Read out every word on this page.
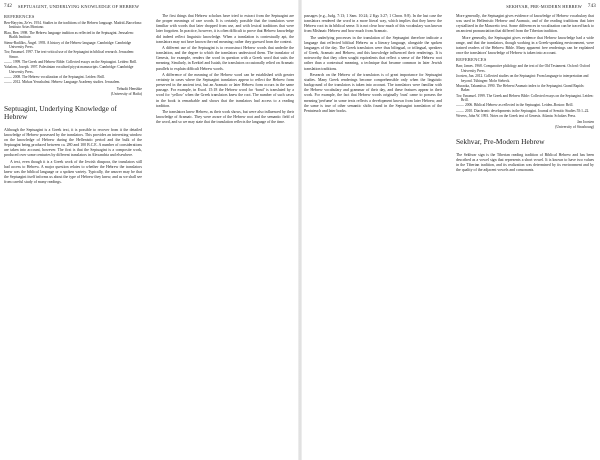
742 SEPTUAGINT, UNDERLYING KNOWLEDGE OF HEBREW
REFERENCES
Ben-Hayyim, Ze'ev. 1954. Studies in the traditions of the Hebrew language. Madrid–Barcelona: Instituto Arias Montano.
Blau, Ben. 1998. The Hebrew language tradition as reflected in the Septuagint. Jerusalem: Bialik Institute.
Sáenz-Badillos, Ángel. 1993. A history of the Hebrew language. Cambridge: Cambridge University Press.
Tov, Emanuel. 1997. The text-critical use of the Septuagint in biblical research. Jerusalem: Simor.
——. 1999. The Greek and Hebrew Bible: Collected essays on the Septuagint. Leiden: Brill.
Yahalom, Joseph. 1997. Palestinian vocalised piyyut manuscripts. Cambridge: Cambridge University Press.
——. 2008. The Hebrew vocalization of the Septuagint. Leiden: Brill.
——. 2012. Mirkaz Yerushalmi. Hebrew Language Academy studies. Jerusalem.
Yehudit Henshke
(University of Haifa)
Septuagint, Underlying Knowledge of Hebrew

Although the Septuagint is a Greek text, it is possible to recover from it the detailed knowledge of Hebrew possessed by the translators. This provides an interesting window on the knowledge of Hebrew during the Hellenistic period and the bulk of the Septuagint being produced between ca. 280 and 100 B.C.E. A number of considerations are taken into account, however. The first is that the Septuagint is a composite work, produced over some centuries by different translators in Alexandria and elsewhere.

A text, even though it is a Greek work of the Jewish diaspora, the translators still had access to Hebrew. A major question relates to whether the Hebrew the translators knew was the biblical language or a spoken variety. Typically, the answer may be that the Septuagint itself informs us about the type of Hebrew they knew, and as we shall see from careful study of many readings.

The first things that Hebrew scholars have tried to extract from the Septuagint are the proper meanings of rare words. It is certainly possible that the translators were familiar with words that later dropped from use, and with lexical traditions that were later forgotten. In practice, however, it is often difficult to prove that Hebrew knowledge did indeed reflect linguistic knowledge. When a translation is contextually apt, the translators may not have known the real meaning; rather they guessed from the context.

A different use of the Septuagint is to reconstruct Hebrew words that underlie the translation, and the degree to which the translators understood them. The translator of Genesis, for example, renders the word in question with a Greek word that suits the meaning. Similarly, in Ezekiel and Isaiah, the translators occasionally relied on Aramaic parallels to explain difficult Hebrew words.

A difference of the meaning of the Hebrew word can be established with greater certainty in cases where the Septuagint translators appear to reflect the Hebrew form preserved in the ancient text, but an Aramaic or later Hebrew form occurs in the same passage. For example, in Exod. 15:18 the Hebrew word for ‘bond’ is translated by a word for ‘yellow’ when the Greek translators knew the root. The number of such cases in the book is remarkable and shows that the translators had access to a reading tradition.

The translators knew Hebrew, as their work shows, but were also influenced by their knowledge of Aramaic. They were aware of the Hebrew root and the semantic field of the word, and so we may state that the translation reflects the language of the time.

SEKHVAR, PRE-MODERN HEBREW 743

passages (e.g., Judg. 7:13; 1 Sam. 10:24; 2 Kgs 3:27; 1 Chron. 8:8). In the last case the translators rendered the word in a more literal way, which implies that they knew the Hebrew root in its biblical sense. It is not clear how much of this vocabulary was known from Mishnaic Hebrew and how much from Aramaic.

The underlying processes in the translation of the Septuagint therefore indicate a language that reflected biblical Hebrew as a literary language, alongside the spoken languages of the day. The Greek translators were thus bilingual, or trilingual, speakers of Greek, Aramaic and Hebrew, and this knowledge influenced their renderings. It is noteworthy that they often sought equivalents that reflect a sense of the Hebrew root rather than a contextual meaning, a technique that became common in later Jewish translation traditions.

Research on the Hebrew of the translators is of great importance for Septuagint studies. Many Greek renderings become comprehensible only when the linguistic background of the translators is taken into account. The translators were familiar with the Hebrew vocabulary and grammar of their day, and these features appear in their work. For example, the fact that Hebrew words originally 'trust' came to possess the meaning 'perfume' in some texts reflects a development known from later Hebrew, and the same is true of other semantic shifts found in the Septuagint translation of the Pentateuch and later books.

More generally, the Septuagint gives evidence of knowledge of Hebrew vocabulary that was used in Hellenistic Hebrew and Aramaic, and of the reading traditions that later crystallized in the Masoretic text. Some differences in vocalization can be traced back to an ancient pronunciation that differed from the Tiberian tradition.

More generally, the Septuagint gives evidence that Hebrew knowledge had a wide range, and that the translators, though working in a Greek-speaking environment, were trained readers of the Hebrew Bible. Many apparent free renderings can be explained once the translators' knowledge of Hebrew is taken into account.

REFERENCES
Barr, James. 1968. Comparative philology and the text of the Old Testament. Oxford: Oxford University Press.
Joosten, Jan. 2012. Collected studies on the Septuagint: From language to interpretation and beyond. Tübingen: Mohr Siebeck.
Muraoka, Takamitsu. 1990. The Hebrew/Aramaic index to the Septuagint. Grand Rapids: Baker.
Tov, Emanuel. 1999. The Greek and Hebrew Bible: Collected essays on the Septuagint. Leiden: Brill.
——. 2006. Biblical Hebrew as reflected in the Septuagint. Leiden–Boston: Brill.
——. 2010. Diachronic developments in the Septuagint. Journal of Semitic Studies 55:1–22.
Wevers, John W. 1993. Notes on the Greek text of Genesis. Atlanta: Scholars Press.
Jan Joosten
(University of Strasbourg)
Sekhvar, Pre-Modern Hebrew

The Sekhvar sign is the Tiberian reading tradition of Biblical Hebrew and has been described as a vowel sign that represents a short vowel. It is known to have two values in the Tiberian tradition, and its realization was determined by its environment and by the quality of the adjacent vowels and consonants.
